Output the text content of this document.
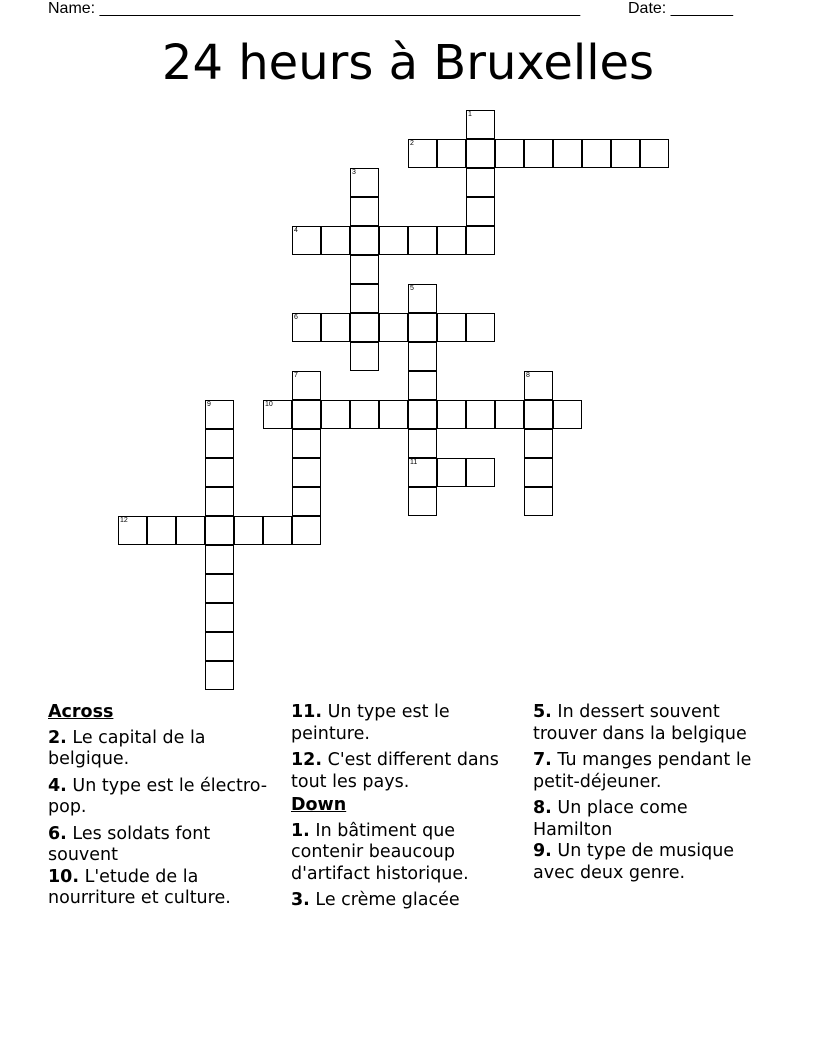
Name: ______________________________________________________	Date: _______
24 heurs à Bruxelles
1
2
3
4
5
11
6
7	8
9	10
12
Across
2. Le capital de la belgique.
4. Un type est le électro-pop.
6. Les soldats font souvent
10. L'etude de la nourriture et culture.
11. Un type est le peinture.
12. C'est different dans tout les pays.
Down
1. In bâtiment que contenir beaucoup d'artifact historique.
3. Le crème glacée
5. In dessert souvent trouver dans la belgique
7. Tu manges pendant le petit-déjeuner.
8. Un place come Hamilton
9. Un type de musique avec deux genre.
